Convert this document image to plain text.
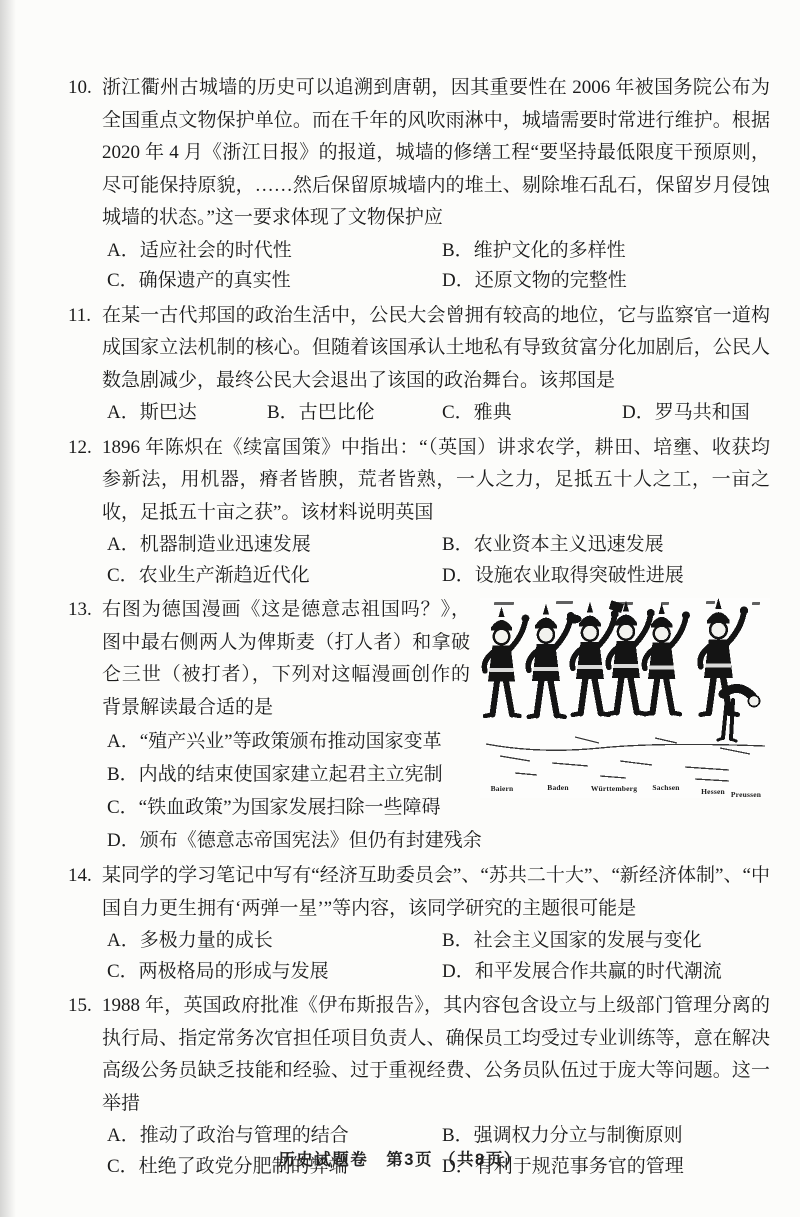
10. 浙江衢州古城墙的历史可以追溯到唐朝，因其重要性在 2006 年被国务院公布为全国重点文物保护单位。而在千年的风吹雨淋中，城墙需要时常进行维护。根据 2020 年 4 月《浙江日报》的报道，城墙的修缮工程“要坚持最低限度干预原则，尽可能保持原貌，……然后保留原城墙内的堆土、剔除堆石乱石，保留岁月侵蚀城墙的状态。”这一要求体现了文物保护应

A．适应社会的时代性	B．维护文化的多样性
C．确保遗产的真实性	D．还原文物的完整性
11. 在某一古代邦国的政治生活中，公民大会曾拥有较高的地位，它与监察官一道构成国家立法机制的核心。但随着该国承认土地私有导致贫富分化加剧后，公民人数急剧减少，最终公民大会退出了该国的政治舞台。该邦国是

A．斯巴达	B．古巴比伦	C．雅典	D．罗马共和国
12. 1896 年陈炽在《续富国策》中指出：“（英国）讲求农学，耕田、培壅、收获均参新法，用机器，瘠者皆腴，荒者皆熟，一人之力，足抵五十人之工，一亩之收，足抵五十亩之获”。该材料说明英国

A．机器制造业迅速发展	B．农业资本主义迅速发展
C．农业生产渐趋近代化	D．设施农业取得突破性进展
13.
Baiern	Baden	Württemberg Sachsen	Hessen Preussen

右图为德国漫画《这是德意志祖国吗？》，图中最右侧两人为俾斯麦（打人者）和拿破仑三世（被打者），下列对这幅漫画创作的背景解读最合适的是

A．“殖产兴业”等政策颁布推动国家变革
B．内战的结束使国家建立起君主立宪制
C．“铁血政策”为国家发展扫除一些障碍
D．颁布《德意志帝国宪法》但仍有封建残余
14. 某同学的学习笔记中写有“经济互助委员会”、“苏共二十大”、“新经济体制”、“中国自力更生拥有‘两弹一星’”等内容，该同学研究的主题很可能是

A．多极力量的成长	B．社会主义国家的发展与变化
C．两极格局的形成与发展	D．和平发展合作共赢的时代潮流
15. 1988 年，英国政府批准《伊布斯报告》，其内容包含设立与上级部门管理分离的执行局、指定常务次官担任项目负责人、确保员工均受过专业训练等，意在解决高级公务员缺乏技能和经验、过于重视经费、公务员队伍过于庞大等问题。这一举措

A．推动了政治与管理的结合	B．强调权力分立与制衡原则
C．杜绝了政党分肥制的弊端	D．有利于规范事务官的管理
历史试题卷　第3页 （共8页）
